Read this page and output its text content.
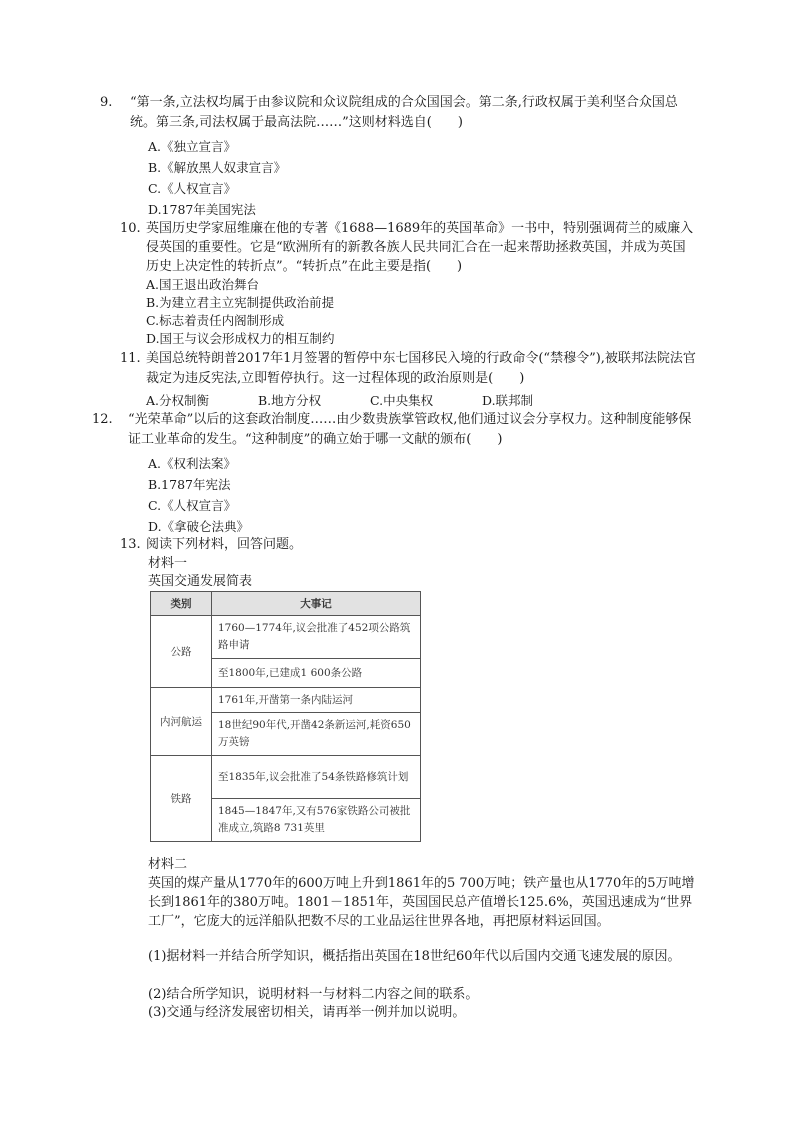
9.	“第一条,立法权均属于由参议院和众议院组成的合众国国会。第二条,行政权属于美利坚合众国总统。第三条,司法权属于最高法院……”这则材料选自(　　)

A.《独立宣言》

B.《解放黑人奴隶宣言》

C.《人权宣言》

D.1787年美国宪法

10. 英国历史学家屈维廉在他的专著《1688—1689年的英国革命》一书中，特别强调荷兰的威廉入侵英国的重要性。它是“欧洲所有的新教各族人民共同汇合在一起来帮助拯救英国，并成为英国历史上决定性的转折点”。“转折点”在此主要是指(　　)

A.国王退出政治舞台

B.为建立君主立宪制提供政治前提

C.标志着责任内阁制形成

D.国王与议会形成权力的相互制约

11. 美国总统特朗普2017年1月签署的暂停中东七国移民入境的行政命令(“禁穆令”),被联邦法院法官裁定为违反宪法,立即暂停执行。这一过程体现的政治原则是(　　)

A.分权制衡	B.地方分权	C.中央集权	D.联邦制
12.	“光荣革命”以后的这套政治制度……由少数贵族掌管政权,他们通过议会分享权力。这种制度能够保证工业革命的发生。“这种制度”的确立始于哪一文献的颁布(　　)

A.《权利法案》

B.1787年宪法

C.《人权宣言》

D.《拿破仑法典》

13. 阅读下列材料，回答问题。

材料一
英国交通发展简表
类别	大事记
公路	1760—1774年,议会批准了452项公路筑路申请
	至1800年,已建成1 600条公路
内河航运	1761年,开凿第一条内陆运河
	18世纪90年代,开凿42条新运河,耗资650万英镑
铁路	至1835年,议会批准了54条铁路修筑计划
	1845—1847年,又有576家铁路公司被批准成立,筑路8 731英里
材料二
英国的煤产量从1770年的600万吨上升到1861年的5 700万吨；铁产量也从1770年的5万吨增长到1861年的380万吨。1801－1851年，英国国民总产值增长125.6%，英国迅速成为“世界工厂”，它庞大的远洋船队把数不尽的工业品运往世界各地，再把原材料运回国。
(1)据材料一并结合所学知识，概括指出英国在18世纪60年代以后国内交通飞速发展的原因。
(2)结合所学知识，说明材料一与材料二内容之间的联系。
(3)交通与经济发展密切相关，请再举一例并加以说明。
